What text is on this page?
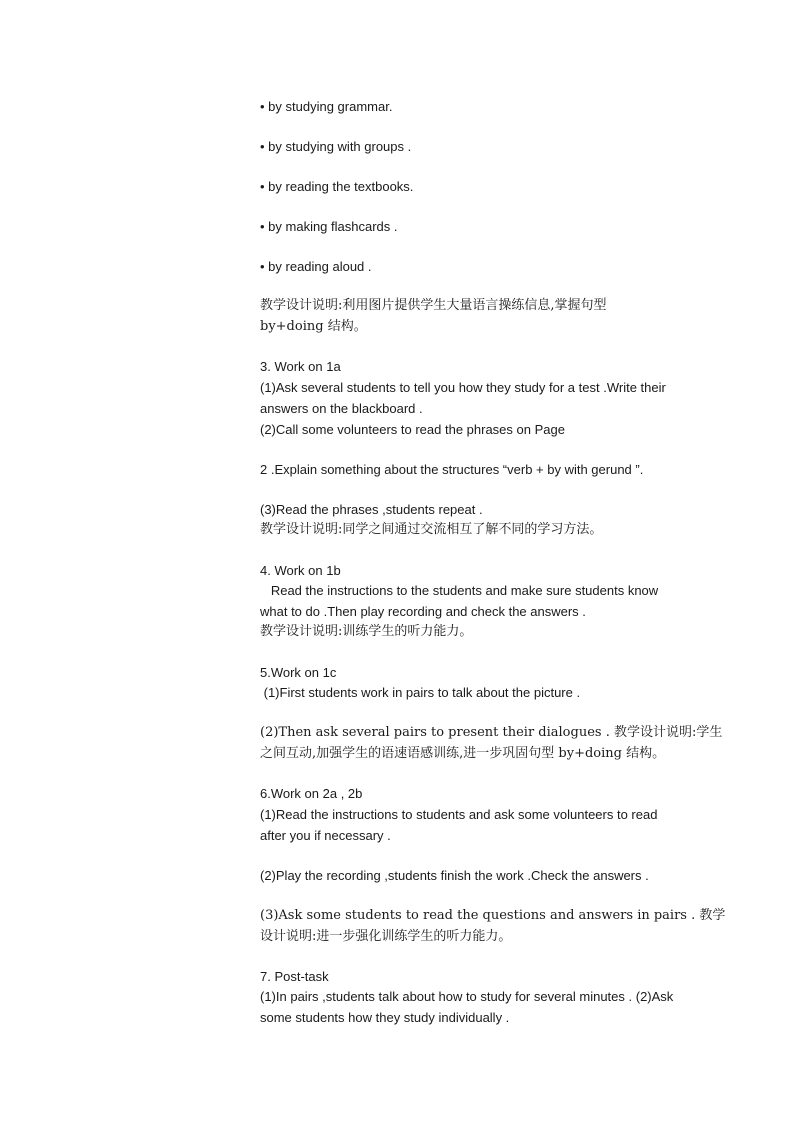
• by studying grammar.
• by studying with groups .
• by reading the textbooks.
• by making flashcards .
• by reading aloud .
教学设计说明:利用图片提供学生大量语言操练信息,掌握句型
by+doing 结构。
3. Work on 1a
(1)Ask several students to tell you how they study for a test .Write their
answers on the blackboard .
(2)Call some volunteers to read the phrases on Page
2 .Explain something about the structures “verb + by with gerund ”.
(3)Read the phrases ,students repeat .
教学设计说明:同学之间通过交流相互了解不同的学习方法。
4. Work on 1b
Read the instructions to the students and make sure students know
what to do .Then play recording and check the answers .
教学设计说明:训练学生的听力能力。
5.Work on 1c
(1)First students work in pairs to talk about the picture .
(2)Then ask several pairs to present their dialogues . 教学设计说明:学生
之间互动,加强学生的语速语感训练,进一步巩固句型 by+doing 结构。
6.Work on 2a , 2b
(1)Read the instructions to students and ask some volunteers to read
after you if necessary .
(2)Play the recording ,students finish the work .Check the answers .
(3)Ask some students to read the questions and answers in pairs . 教学
设计说明:进一步强化训练学生的听力能力。
7. Post-task
(1)In pairs ,students talk about how to study for several minutes . (2)Ask
some students how they study individually .
